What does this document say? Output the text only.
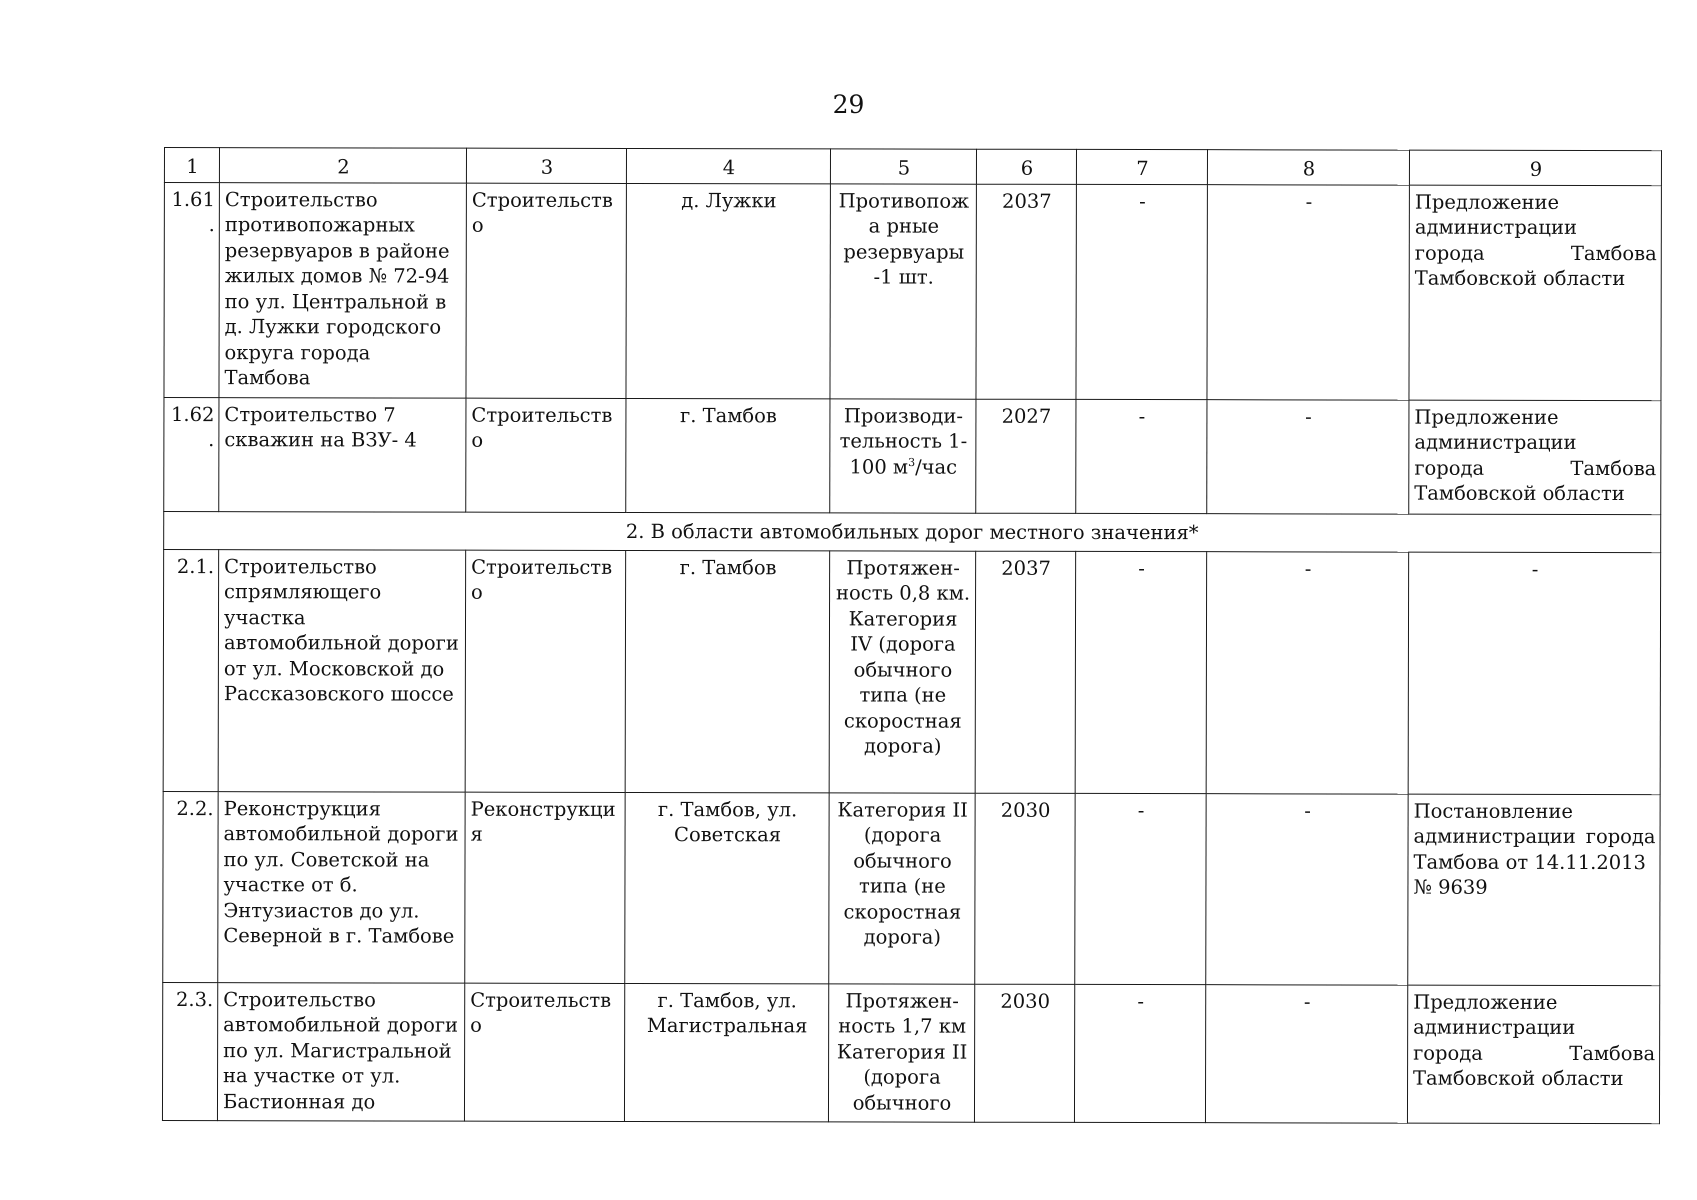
29
1	2	3	4	5	6	7	8	9
1.61.	Строительство противопожарных резервуаров в районе жилых домов № 72-94 по ул. Центральной в д. Лужки городского округа города Тамбова	Строительство	д. Лужки	Противопожа рные резервуары -1 шт.	2037	-	-	Предложение администрации
города Тамбова
Тамбовской области

1.62.	Строительство 7 скважин на ВЗУ- 4	Строительство	г. Тамбов	Производи-тельность 1-100 $м^3$/час	2027	-	-	Предложение администрации
города Тамбова
Тамбовской области

2. В области автомобильных дорог местного значения*								
2.1.	Строительство спрямляющего участка автомобильной дороги от ул. Московской до Рассказовского шоссе	Строительство	г. Тамбов	Протяжен-ность 0,8 км. Категория IV (дорога обычного типа (не скоростная дорога)	2037	-	-	-
2.2.	Реконструкция автомобильной дороги по ул. Советской на участке от б. Энтузиастов до ул. Северной в г. Тамбове	Реконструкция	г. Тамбов, ул. Советская	Категория II (дорога обычного типа (не скоростная дорога)	2030	-	-	Постановление
администрации города
Тамбова от 14.11.2013 № 9639

2.3.	Строительство автомобильной дороги по ул. Магистральной на участке от ул. Бастионная до	Строительство	г. Тамбов, ул. Магистральная	Протяжен-ность 1,7 км Категория II (дорога обычного	2030	-	-	Предложение администрации
города Тамбова
Тамбовской области
